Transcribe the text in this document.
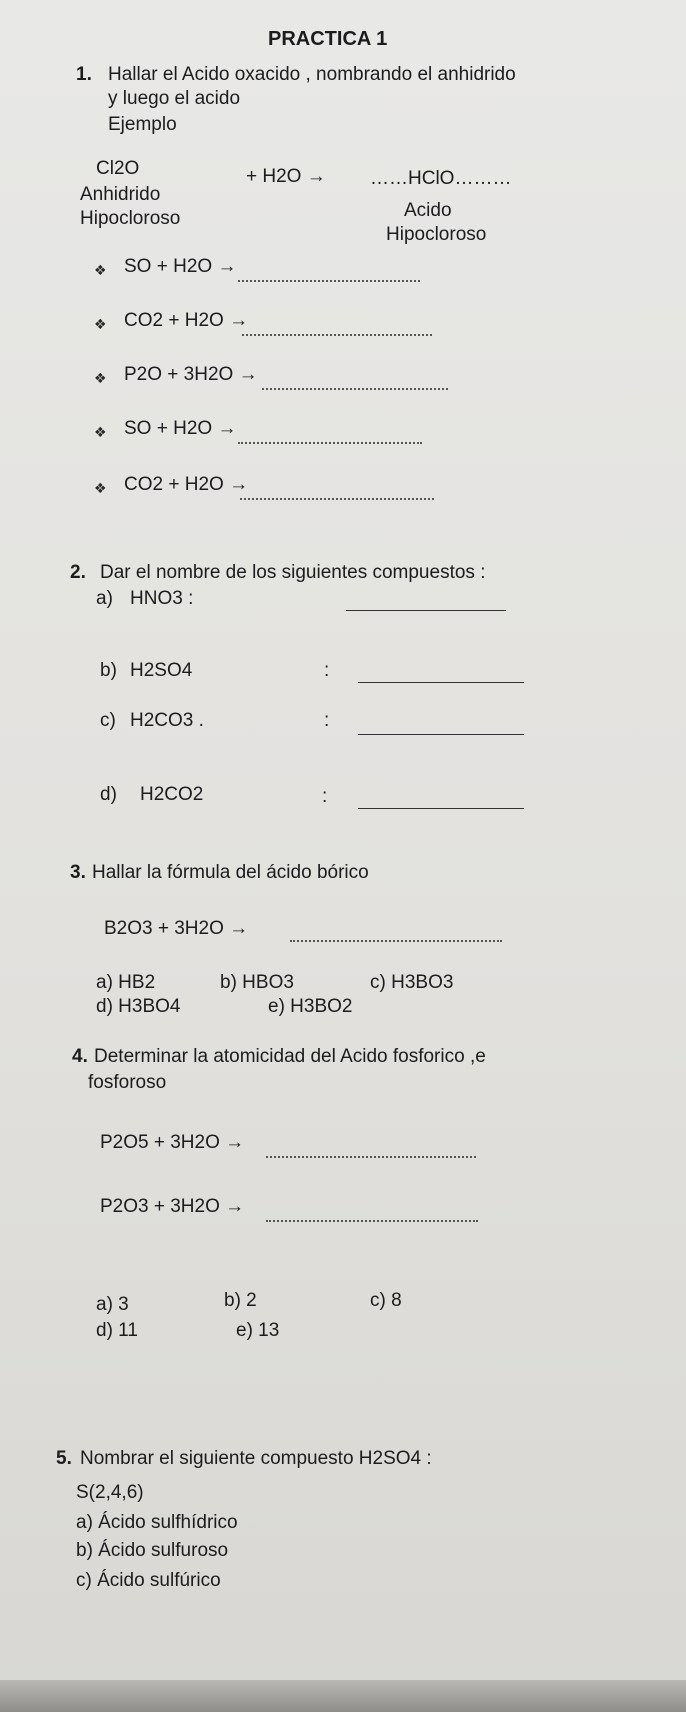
PRACTICA 1
1. Hallar el Acido oxacido , nombrando el anhidrido
y luego el acido
Ejemplo
Cl2O	+ H2O → ……HClO………
Anhidrido
Hipocloroso	Acido
Hipocloroso
❖ SO + H2O →
❖ CO2 + H2O →
❖ P2O + 3H2O →
❖ SO + H2O →
❖ CO2 + H2O →
2. Dar el nombre de los siguientes compuestos :
a) HNO3 :
b) H2SO4	:
c) H2CO3 .	:
d) H2CO2	:
3. Hallar la fórmula del ácido bórico
B2O3 + 3H2O →
a) HB2	b) HBO3	c) H3BO3
d) H3BO4	e) H3BO2
4. Determinar la atomicidad del Acido fosforico ,e
fosforoso
P2O5 + 3H2O →
P2O3 + 3H2O →
a) 3	b) 2	c) 8
d) 11	e) 13
5. Nombrar el siguiente compuesto H2SO4 :
S(2,4,6)
a) Ácido sulfhídrico
b) Ácido sulfuroso
c) Ácido sulfúrico
